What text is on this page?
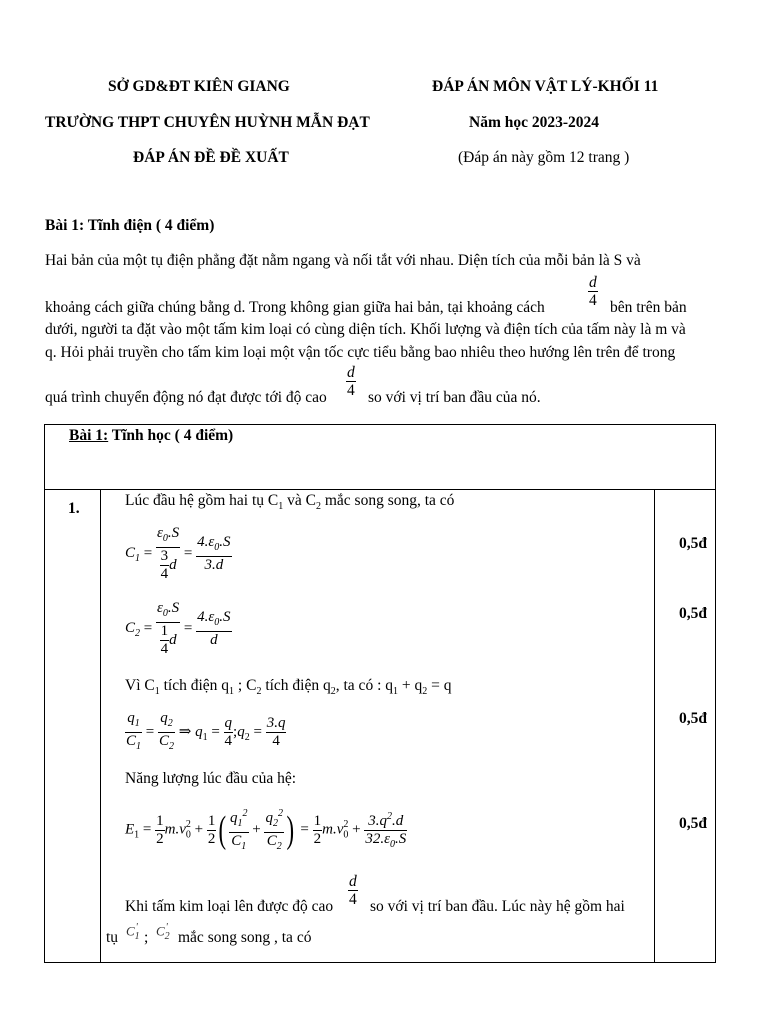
SỞ GD&ĐT KIÊN GIANG
TRƯỜNG THPT CHUYÊN HUỲNH MẪN ĐẠT
ĐÁP ÁN ĐỀ ĐỀ XUẤT
ĐÁP ÁN MÔN VẬT LÝ-KHỐI 11
Năm học 2023-2024
(Đáp án này gồm 12 trang )
Bài 1: Tĩnh điện ( 4 điểm)
Hai bản của một tụ điện phẳng đặt nằm ngang và nối tắt với nhau. Diện tích của mỗi bản là S và
khoảng cách giữa chúng bằng d. Trong không gian giữa hai bản, tại khoảng cách	$\frac{d}{4}$ bên trên bản
dưới, người ta đặt vào một tấm kim loại có cùng diện tích. Khối lượng và điện tích của tấm này là m và
q. Hỏi phải truyền cho tấm kim loại một vận tốc cực tiểu bằng bao nhiêu theo hướng lên trên để trong
quá trình chuyển động nó đạt được tới độ cao $\frac{d}{4}$ so với vị trí ban đầu của nó.
Bài 1: Tĩnh học ( 4 điểm)
1.	Lúc đầu hệ gồm hai tụ $C_1$ và $C_2$ mắc song song, ta có
$C_1 = \frac{\varepsilon_0.S}{\frac{3}{4} d} = \frac{4.\varepsilon_0.S}{3.d}$
$C_2 = \frac{\varepsilon_0.S}{\frac{1}{4} d} = \frac{4.\varepsilon_0.S}{d}$
Vì $C_1$ tích điện $q_1$ ; $C_2$ tích điện $q_2$, ta có : $q_1 + q_2 = q$
$\frac{q_1}{C_1} = \frac{q_2}{C_2}$ ⇒ $q_1 = \frac{q}{4}$ $;q_2 = \frac{3.q}{4}$
Năng lượng lúc đầu của hệ:
$E_1 = \frac{1}{2} m.v_0^2 + \frac{1}{2}$ ( $\frac{q_1^2}{C_1} + \frac{q_2^2}{C_2}$ ) = $\frac{1}{2} m.v_0^2 + \frac{3.q^2.d}{32.\varepsilon_0.S}$
Khi tấm kim loại lên được độ cao $\frac{d}{4}$ so với vị trí ban đầu. Lúc này hệ gồm hai
tụ $C_1'$
; $C_2'$
mắc song song , ta có
0,5đ
0,5đ
0,5đ
0,5đ
